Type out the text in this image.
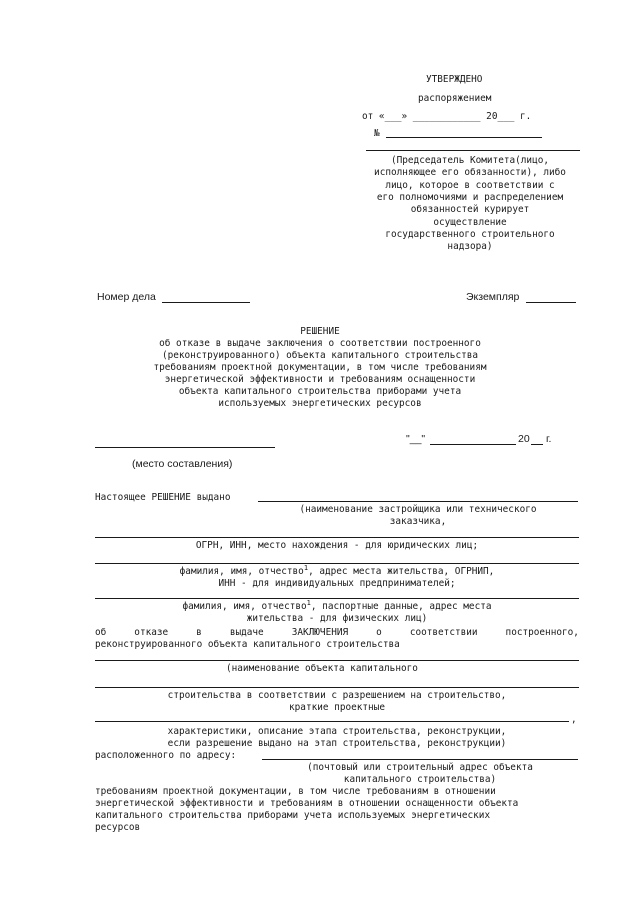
УТВЕРЖДЕНО
распоряжением
от «___» ____________ 20___ г.
№
(Председатель Комитета(лицо,
исполняющее его обязанности), либо
лицо, которое в соответствии с
его полномочиями и распределением
обязанностей курирует
осуществление
государственного строительного
надзора)
Номер дела	Экземпляр
РЕШЕНИЕ
об отказе в выдаче заключения о соответствии построенного
(реконструированного) объекта капитального строительства
требованиям проектной документации, в том числе требованиям
энергетической эффективности и требованиям оснащенности
объекта капитального строительства приборами учета
используемых энергетических ресурсов
"__"	20 г.
(место составления)
Настоящее РЕШЕНИЕ выдано
(наименование застройщика или технического
заказчика,
ОГРН, ИНН, место нахождения - для юридических лиц;
фамилия, имя, отчество$^1$, адрес места жительства, ОГРНИП,
ИНН - для индивидуальных предпринимателей;
фамилия, имя, отчество$^1$, паспортные данные, адрес места
жительства - для физических лиц)
об	отказе	в	выдаче	ЗАКЛЮЧЕНИЯ	о	соответствии	построенного,
реконструированного объекта капитального строительства
(наименование объекта капитального
строительства в соответствии с разрешением на строительство,
краткие проектные
,
характеристики, описание этапа строительства, реконструкции,
если разрешение выдано на этап строительства, реконструкции)
расположенного по адресу:
(почтовый или строительный адрес объекта
капитального строительства)
требованиям проектной документации, в том числе требованиям в отношении
энергетической эффективности и требованиям в отношении оснащенности объекта
капитального строительства приборами учета используемых энергетических
ресурсов
